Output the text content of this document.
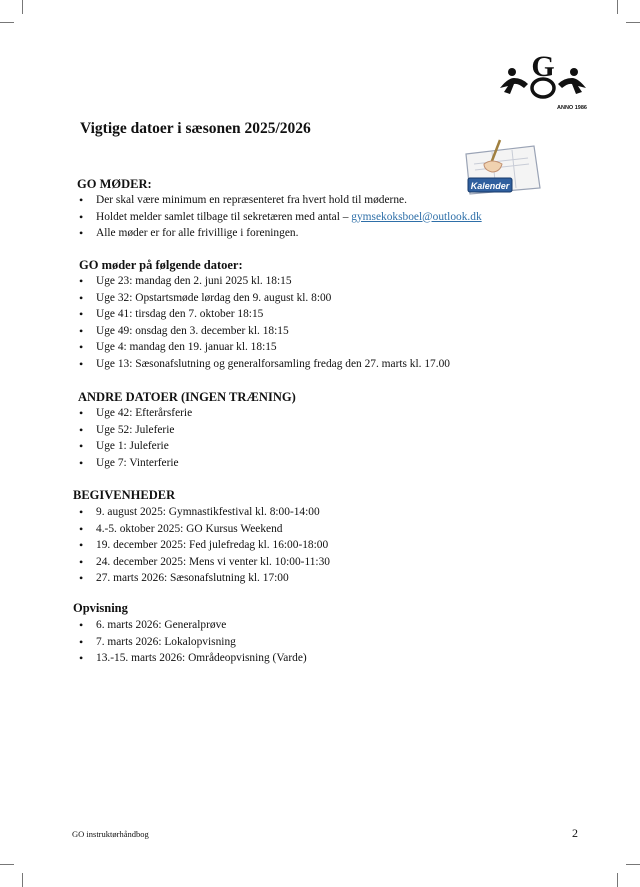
G
ANNO 1986
Vigtige datoer i sæsonen 2025/2026
Kalender
GO MØDER:
• Der skal være minimum en repræsenteret fra hvert hold til møderne.
• Holdet melder samlet tilbage til sekretæren med antal – gymsekoksboel@outlook.dk
• Alle møder er for alle frivillige i foreningen.
GO møder på følgende datoer:
• Uge 23: mandag den 2. juni 2025 kl. 18:15
• Uge 32: Opstartsmøde lørdag den 9. august kl. 8:00
• Uge 41: tirsdag den 7. oktober 18:15
• Uge 49: onsdag den 3. december kl. 18:15
• Uge 4: mandag den 19. januar kl. 18:15
• Uge 13: Sæsonafslutning og generalforsamling fredag den 27. marts kl. 17.00
ANDRE DATOER (INGEN TRÆNING)
• Uge 42: Efterårsferie
• Uge 52: Juleferie
• Uge 1: Juleferie
• Uge 7: Vinterferie
BEGIVENHEDER
• 9. august 2025: Gymnastikfestival kl. 8:00-14:00
• 4.-5. oktober 2025: GO Kursus Weekend
• 19. december 2025: Fed julefredag kl. 16:00-18:00
• 24. december 2025: Mens vi venter kl. 10:00-11:30
• 27. marts 2026: Sæsonafslutning kl. 17:00
Opvisning
• 6. marts 2026: Generalprøve
• 7. marts 2026: Lokalopvisning
• 13.-15. marts 2026: Områdeopvisning (Varde)
GO instruktørhåndbog	2
